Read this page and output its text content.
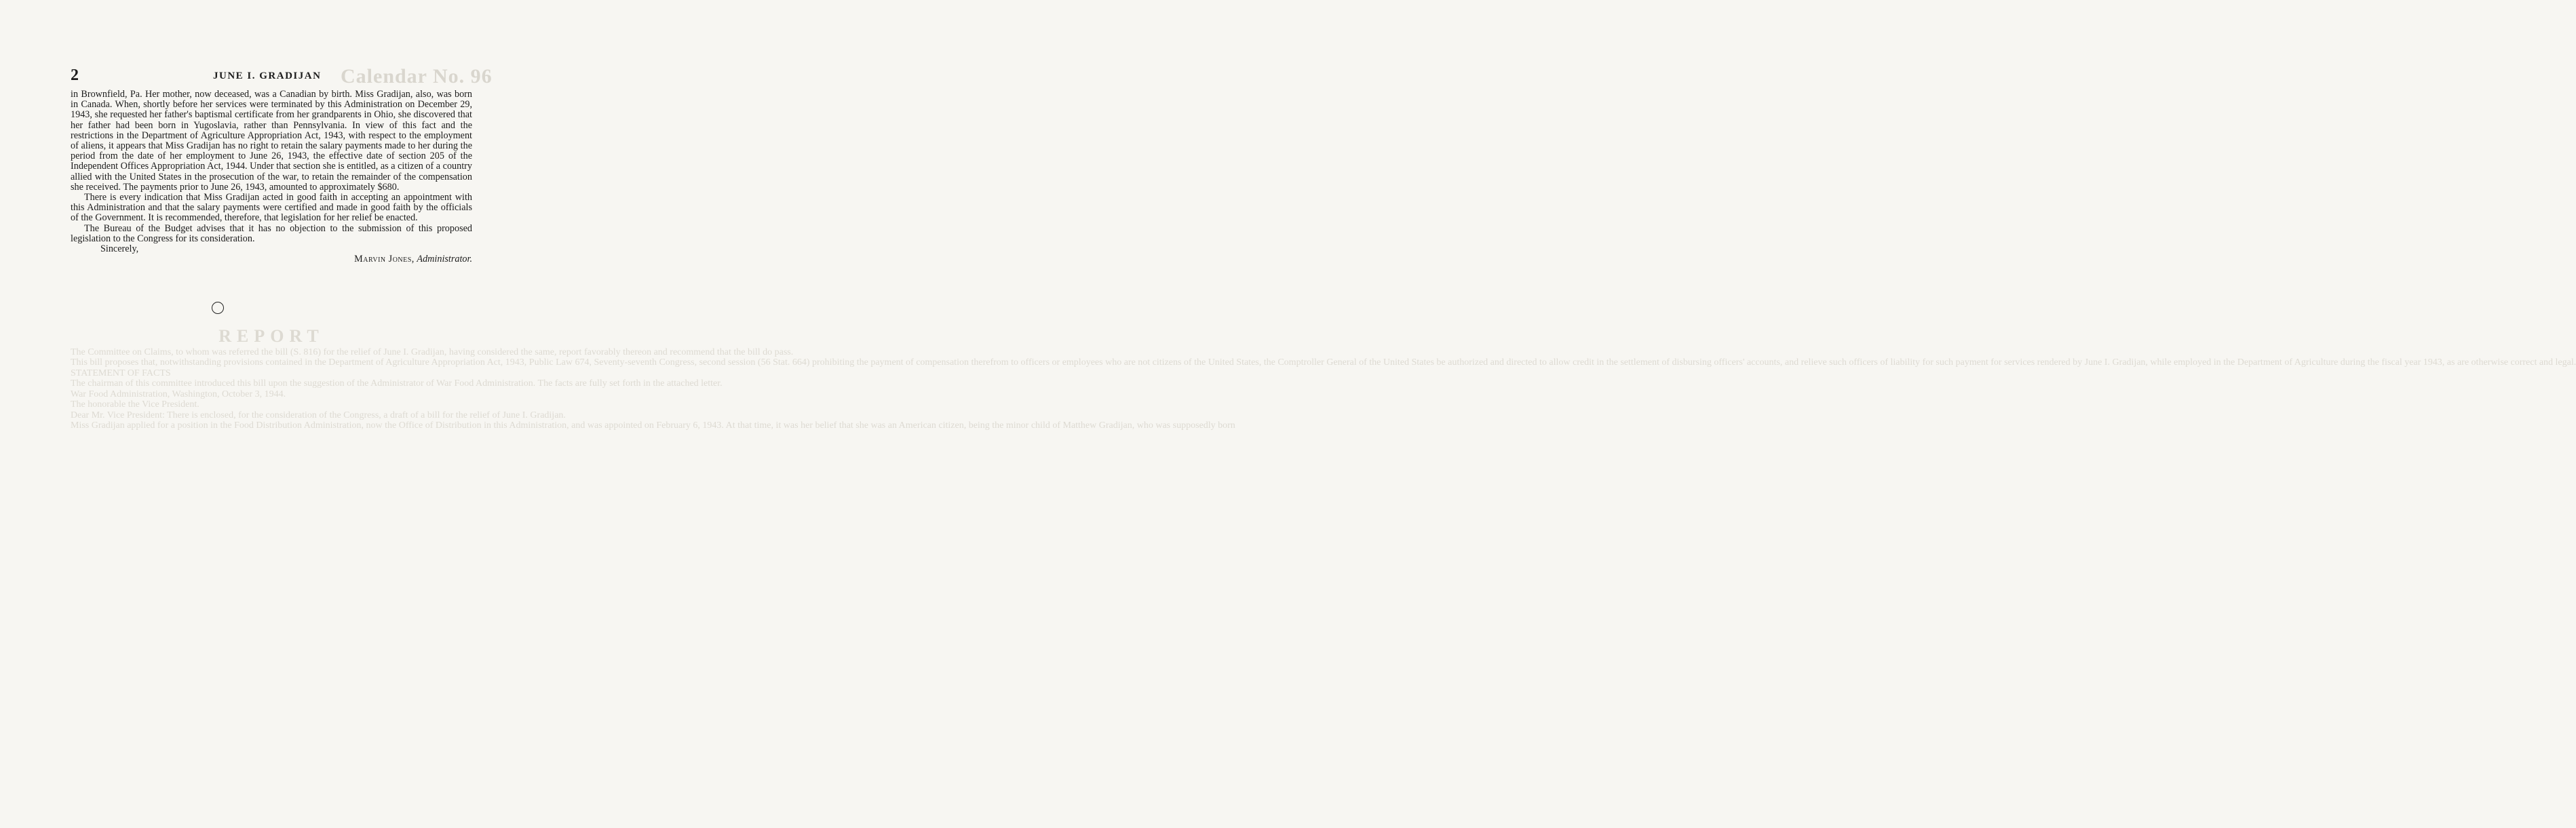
Calendar No. 96
2	JUNE I. GRADIJAN

in Brownfield, Pa. Her mother, now deceased, was a Canadian by birth. Miss Gradijan, also, was born in Canada. When, shortly before her services were terminated by this Administration on December 29, 1943, she requested her father's baptismal certificate from her grandparents in Ohio, she discovered that her father had been born in Yugoslavia, rather than Pennsylvania. In view of this fact and the restrictions in the Department of Agriculture Appropriation Act, 1943, with respect to the employment of aliens, it appears that Miss Gradijan has no right to retain the salary payments made to her during the period from the date of her employment to June 26, 1943, the effective date of section 205 of the Independent Offices Appropriation Act, 1944. Under that section she is entitled, as a citizen of a country allied with the United States in the prosecution of the war, to retain the remainder of the compensation she received. The payments prior to June 26, 1943, amounted to approximately $680.

There is every indication that Miss Gradijan acted in good faith in accepting an appointment with this Administration and that the salary payments were certified and made in good faith by the officials of the Government. It is recommended, therefore, that legislation for her relief be enacted.

The Bureau of the Budget advises that it has no objection to the submission of this proposed legislation to the Congress for its consideration.

Sincerely,

Marvin Jones, Administrator.

REPORT
The Committee on Claims, to whom was referred the bill (S. 816) for the relief of June I. Gradijan, having considered the same, report favorably thereon and recommend that the bill do pass.
This bill proposes that, notwithstanding provisions contained in the Department of Agriculture Appropriation Act, 1943, Public Law 674, Seventy-seventh Congress, second session (56 Stat. 664) prohibiting the payment of compensation therefrom to officers or employees who are not citizens of the United States, the Comptroller General of the United States be authorized and directed to allow credit in the settlement of disbursing officers' accounts, and relieve such officers of liability for such payment for services rendered by June I. Gradijan, while employed in the Department of Agriculture during the fiscal year 1943, as are otherwise correct and legal.
STATEMENT OF FACTS
The chairman of this committee introduced this bill upon the suggestion of the Administrator of War Food Administration. The facts are fully set forth in the attached letter.
War Food Administration, Washington, October 3, 1944.
The honorable the Vice President.
Dear Mr. Vice President: There is enclosed, for the consideration of the Congress, a draft of a bill for the relief of June I. Gradijan.
Miss Gradijan applied for a position in the Food Distribution Administration, now the Office of Distribution in this Administration, and was appointed on February 6, 1943. At that time, it was her belief that she was an American citizen, being the minor child of Matthew Gradijan, who was supposedly born
